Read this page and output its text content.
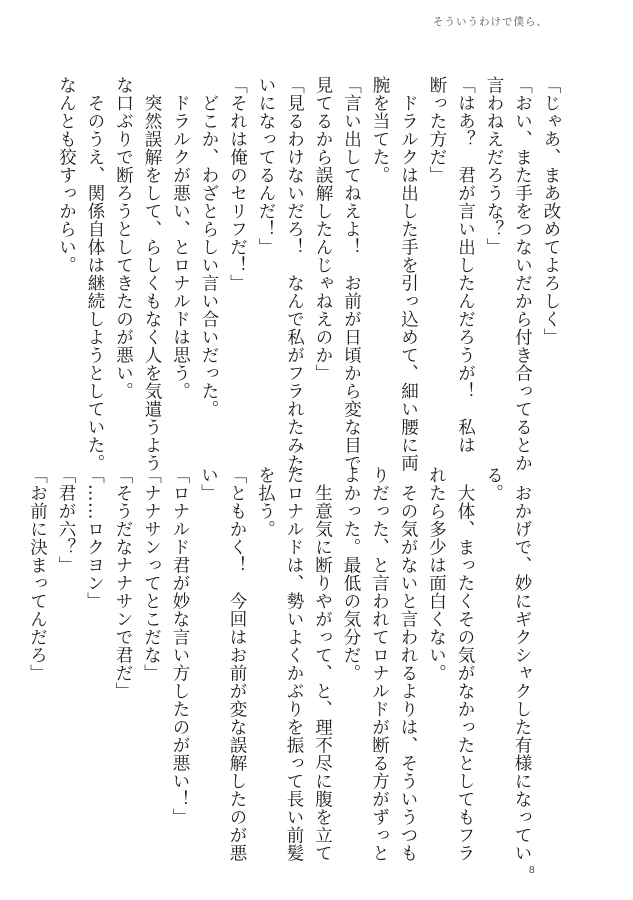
そういうわけで僕ら、
「じゃあ、まあ改めてよろしく」
「おい、また手をつないだから付き合ってるとか
言わねえだろうな？」
「はあ？　君が言い出したんだろうが！　私は
断った方だ」
　ドラルクは出した手を引っ込めて、細い腰に両
腕を当てた。
「言い出してねえよ！　お前が日頃から変な目で
見てるから誤解したんじゃねえのか」
「見るわけないだろ！　なんで私がフラれたみた
いになってるんだ！」
「それは俺のセリフだ！」
　どこか、わざとらしい言い合いだった。
　ドラルクが悪い、とロナルドは思う。
　突然誤解をして、らしくもなく人を気遣うよう
な口ぶりで断ろうとしてきたのが悪い。
　そのうえ、関係自体は継続しようとしていた。
なんとも狡すっからい。
　おかげで、妙にギクシャクした有様になってい
る。
　大体、まったくその気がなかったとしてもフラ
れたら多少は面白くない。
　その気がないと言われるよりは、そういうつも
りだった、と言われてロナルドが断る方がずっと
よかった。最低の気分だ。
　生意気に断りやがって、と、理不尽に腹を立て
たロナルドは、勢いよくかぶりを振って長い前髪
を払う。
「ともかく！　今回はお前が変な誤解したのが悪
い」
「ロナルド君が妙な言い方したのが悪い！」
「ナナサンってとこだな」
「そうだなナナサンで君だ」
「……ロクヨン」
「君が六？」
「お前に決まってんだろ」
8
